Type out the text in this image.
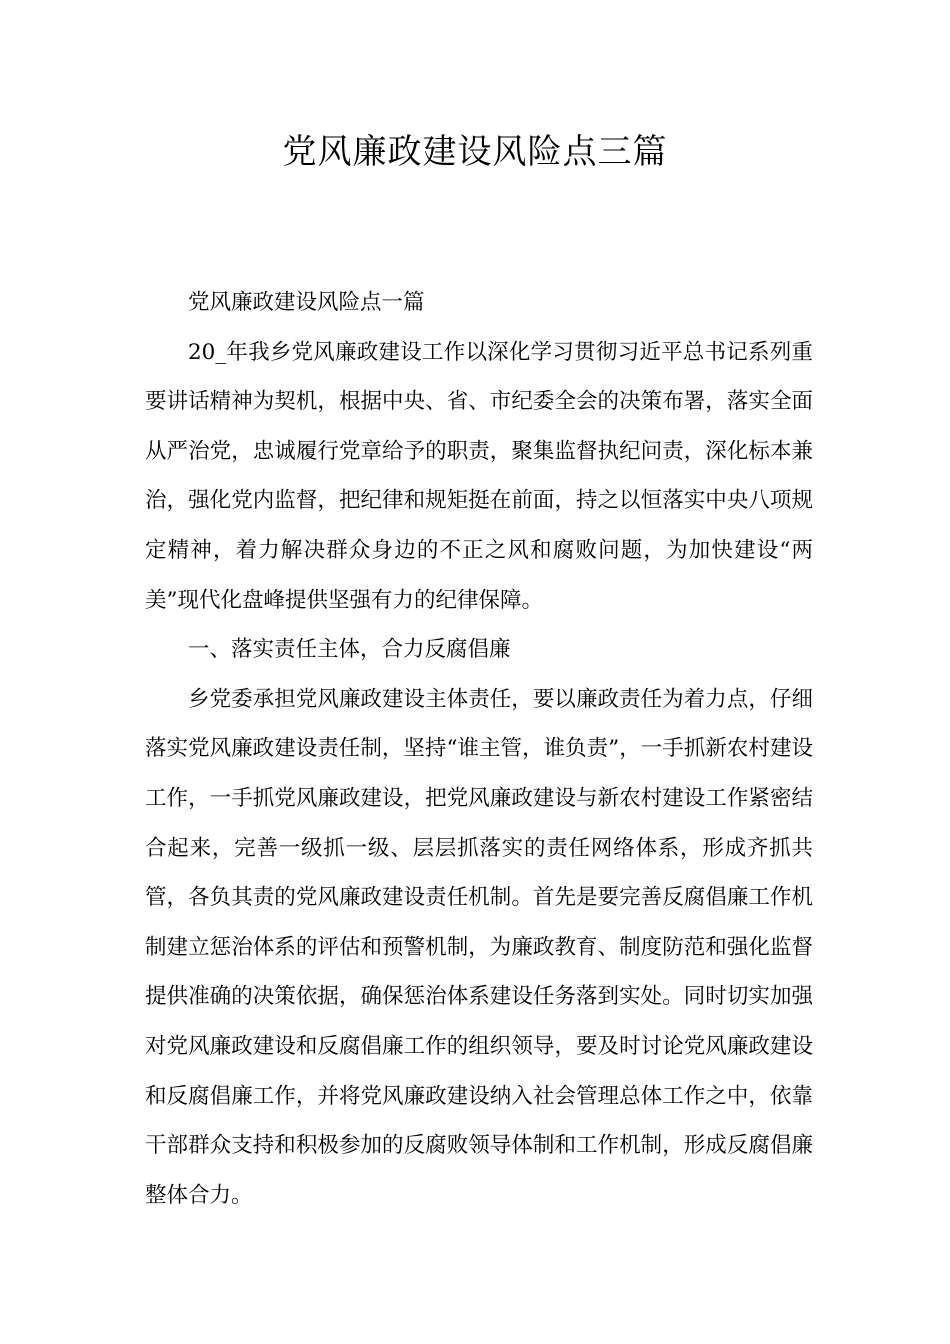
党风廉政建设风险点三篇

党风廉政建设风险点一篇

20_年我乡党风廉政建设工作以深化学习贯彻习近平总书记系列重要讲话精神为契机，根据中央、省、市纪委全会的决策布署，落实全面从严治党，忠诚履行党章给予的职责，聚集监督执纪问责，深化标本兼治，强化党内监督，把纪律和规矩挺在前面，持之以恒落实中央八项规定精神，着力解决群众身边的不正之风和腐败问题，为加快建设“两美”现代化盘峰提供坚强有力的纪律保障。

一、落实责任主体，合力反腐倡廉

乡党委承担党风廉政建设主体责任，要以廉政责任为着力点，仔细落实党风廉政建设责任制，坚持“谁主管，谁负责”，一手抓新农村建设工作，一手抓党风廉政建设，把党风廉政建设与新农村建设工作紧密结合起来，完善一级抓一级、层层抓落实的责任网络体系，形成齐抓共管，各负其责的党风廉政建设责任机制。首先是要完善反腐倡廉工作机制建立惩治体系的评估和预警机制，为廉政教育、制度防范和强化监督提供准确的决策依据，确保惩治体系建设任务落到实处。同时切实加强对党风廉政建设和反腐倡廉工作的组织领导，要及时讨论党风廉政建设和反腐倡廉工作，并将党风廉政建设纳入社会管理总体工作之中，依靠干部群众支持和积极参加的反腐败领导体制和工作机制，形成反腐倡廉整体合力。
